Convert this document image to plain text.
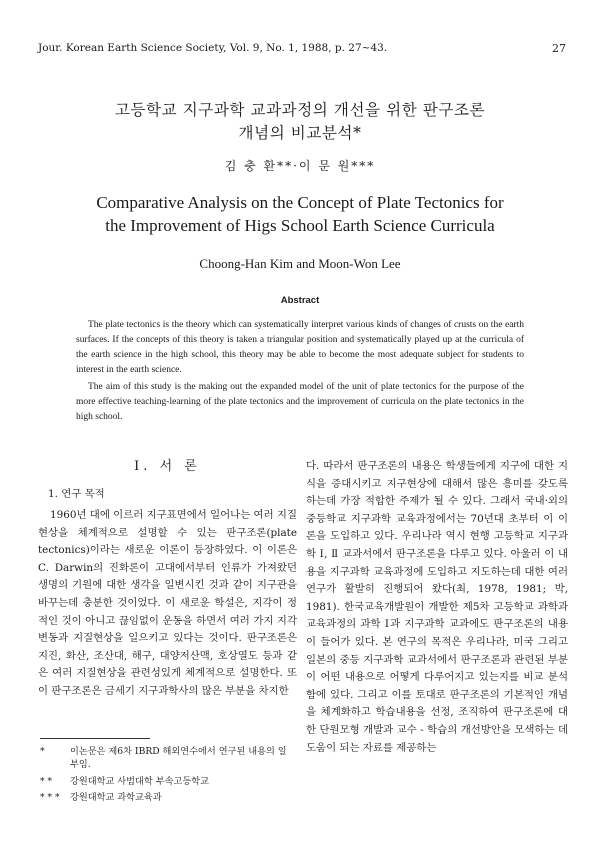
Jour. Korean Earth Science Society, Vol. 9, No. 1, 1988, p. 27~43.	27
고등학교 지구과학 교과과정의 개선을 위한 판구조론
개념의 비교분석*
김 충 환**·이 문 원***
Comparative Analysis on the Concept of Plate Tectonics for
the Improvement of Higs School Earth Science Curricula
Choong-Han Kim and Moon-Won Lee
Abstract

The plate tectonics is the theory which can systematically interpret various kinds of changes of crusts on the earth surfaces. If the concepts of this theory is taken a triangular position and systematically played up at the curricula of the earth science in the high school, this theory may be able to become the most adequate subject for students to interest in the earth science.

The aim of this study is the making out the expanded model of the unit of plate tectonics for the purpose of the more effective teaching-learning of the plate tectonics and the improvement of curricula on the plate tectonics in the high school.

I. 서 론
1. 연구 목적

1960년 대에 이르러 지구표면에서 일어나는 여러 지질현상을 체계적으로 설명할 수 있는 판구조론(plate tectonics)이라는 새로운 이론이 등장하였다. 이 이론은 C. Darwin의 진화론이 고대에서부터 인류가 가져왔던 생명의 기원에 대한 생각을 일변시킨 것과 같이 지구관을 바꾸는데 충분한 것이었다. 이 새로운 학설은, 지각이 정적인 것이 아니고 끊임없이 운동을 하면서 여러 가지 지각변동과 지질현상을 일으키고 있다는 것이다. 판구조론은 지진, 화산, 조산대, 해구, 대양저산맥, 호상열도 등과 같은 여러 지질현상을 관련성있게 체계적으로 설명한다. 또 이 판구조론은 금세기 지구과학사의 많은 부분을 차지한

다. 따라서 판구조론의 내용은 학생들에게 지구에 대한 지식을 증대시키고 지구현상에 대해서 많은 흥미를 갖도록 하는데 가장 적합한 주제가 될 수 있다. 그래서 국내·외의 중등학교 지구과학 교육과정에서는 70년대 초부터 이 이론을 도입하고 있다. 우리나라 역시 현행 고등학교 지구과학 Ⅰ, Ⅱ 교과서에서 판구조론을 다루고 있다. 아울러 이 내용을 지구과학 교육과정에 도입하고 지도하는데 대한 여러 연구가 활발히 진행되어 왔다(최, 1978, 1981; 박, 1981). 한국교육개발원이 개발한 제5차 고등학교 과학과 교육과정의 과학 Ⅰ과 지구과학 교과에도 판구조론의 내용이 들어가 있다. 본 연구의 목적은 우리나라, 미국 그리고 일본의 중등 지구과학 교과서에서 판구조론과 관련된 부분이 어떤 내용으로 어떻게 다루어지고 있는지를 비교 분석함에 있다. 그리고 이를 토대로 판구조론의 기본적인 개념을 체계화하고 학습내용을 선정, 조직하여 판구조론에 대한 단원모형 개발과 교수 - 학습의 개선방안을 모색하는 데 도움이 되는 자료를 제공하는

*	이논문은 제6차 IBRD 해외연수에서 연구된 내용의 일부임.
* * 강원대학교 사범대학 부속고등학교
* * * 강원대학교 과학교육과
